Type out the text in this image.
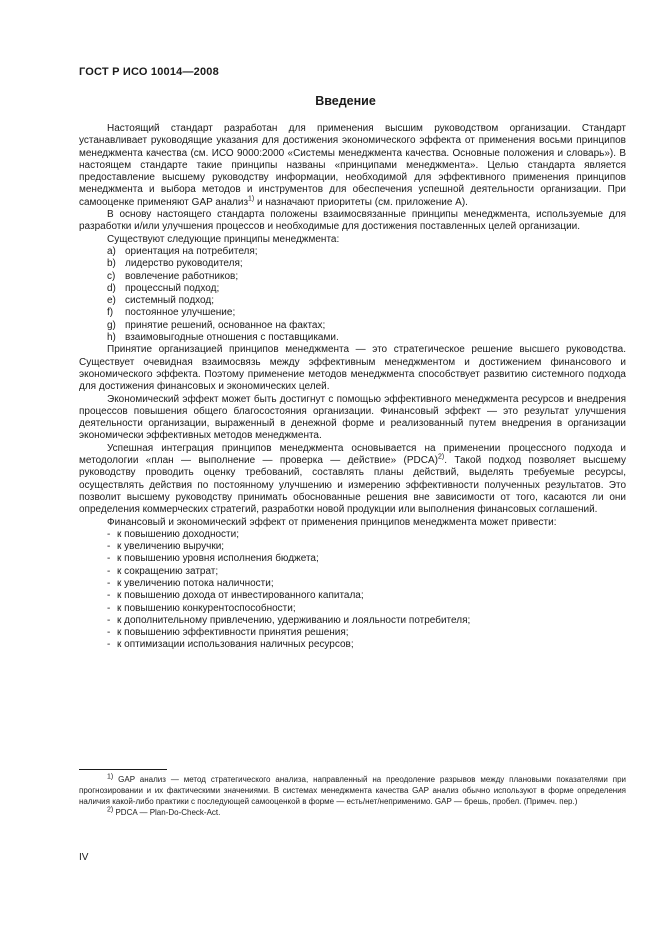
ГОСТ Р ИСО 10014—2008
Введение

Настоящий стандарт разработан для применения высшим руководством организации. Стандарт устанавливает руководящие указания для достижения экономического эффекта от применения восьми принципов менеджмента качества (см. ИСО 9000:2000 «Системы менеджмента качества. Основные положения и словарь»). В настоящем стандарте такие принципы названы «принципами менеджмента». Целью стандарта является предоставление высшему руководству информации, необходимой для эффективного применения принципов менеджмента и выбора методов и инструментов для обеспечения успешной деятельности организации. При самооценке применяют GAP анализ$^{1)}$ и назначают приоритеты (см. приложение А).

В основу настоящего стандарта положены взаимосвязанные принципы менеджмента, используемые для разработки и/или улучшения процессов и необходимые для достижения поставленных целей организации.

Существуют следующие принципы менеджмента:

a) ориентация на потребителя;
b) лидерство руководителя;
c) вовлечение работников;
d) процессный подход;
e) системный подход;
f) постоянное улучшение;
g) принятие решений, основанное на фактах;
h) взаимовыгодные отношения с поставщиками.

Принятие организацией принципов менеджмента — это стратегическое решение высшего руководства. Существует очевидная взаимосвязь между эффективным менеджментом и достижением финансового и экономического эффекта. Поэтому применение методов менеджмента способствует развитию системного подхода для достижения финансовых и экономических целей.

Экономический эффект может быть достигнут с помощью эффективного менеджмента ресурсов и внедрения процессов повышения общего благосостояния организации. Финансовый эффект — это результат улучшения деятельности организации, выраженный в денежной форме и реализованный путем внедрения в организации экономически эффективных методов менеджмента.

Успешная интеграция принципов менеджмента основывается на применении процессного подхода и методологии «план — выполнение — проверка — действие» (PDCA)$^{2)}$. Такой подход позволяет высшему руководству проводить оценку требований, составлять планы действий, выделять требуемые ресурсы, осуществлять действия по постоянному улучшению и измерению эффективности полученных результатов. Это позволит высшему руководству принимать обоснованные решения вне зависимости от того, касаются ли они определения коммерческих стратегий, разработки новой продукции или выполнения финансовых соглашений.

Финансовый и экономический эффект от применения принципов менеджмента может привести:

- к повышению доходности;
- к увеличению выручки;
- к повышению уровня исполнения бюджета;
- к сокращению затрат;
- к увеличению потока наличности;
- к повышению дохода от инвестированного капитала;
- к повышению конкурентоспособности;
- к дополнительному привлечению, удерживанию и лояльности потребителя;
- к повышению эффективности принятия решения;
- к оптимизации использования наличных ресурсов;

$^{1)}$ GAP анализ — метод стратегического анализа, направленный на преодоление разрывов между плановыми показателями при прогнозировании и их фактическими значениями. В системах менеджмента качества GAP анализ обычно используют в форме определения наличия какой-либо практики с последующей самооценкой в форме — есть/нет/неприменимо. GAP — брешь, пробел. (Примеч. пер.)

$^{2)}$ PDCA — Plan-Do-Check-Act.

IV
